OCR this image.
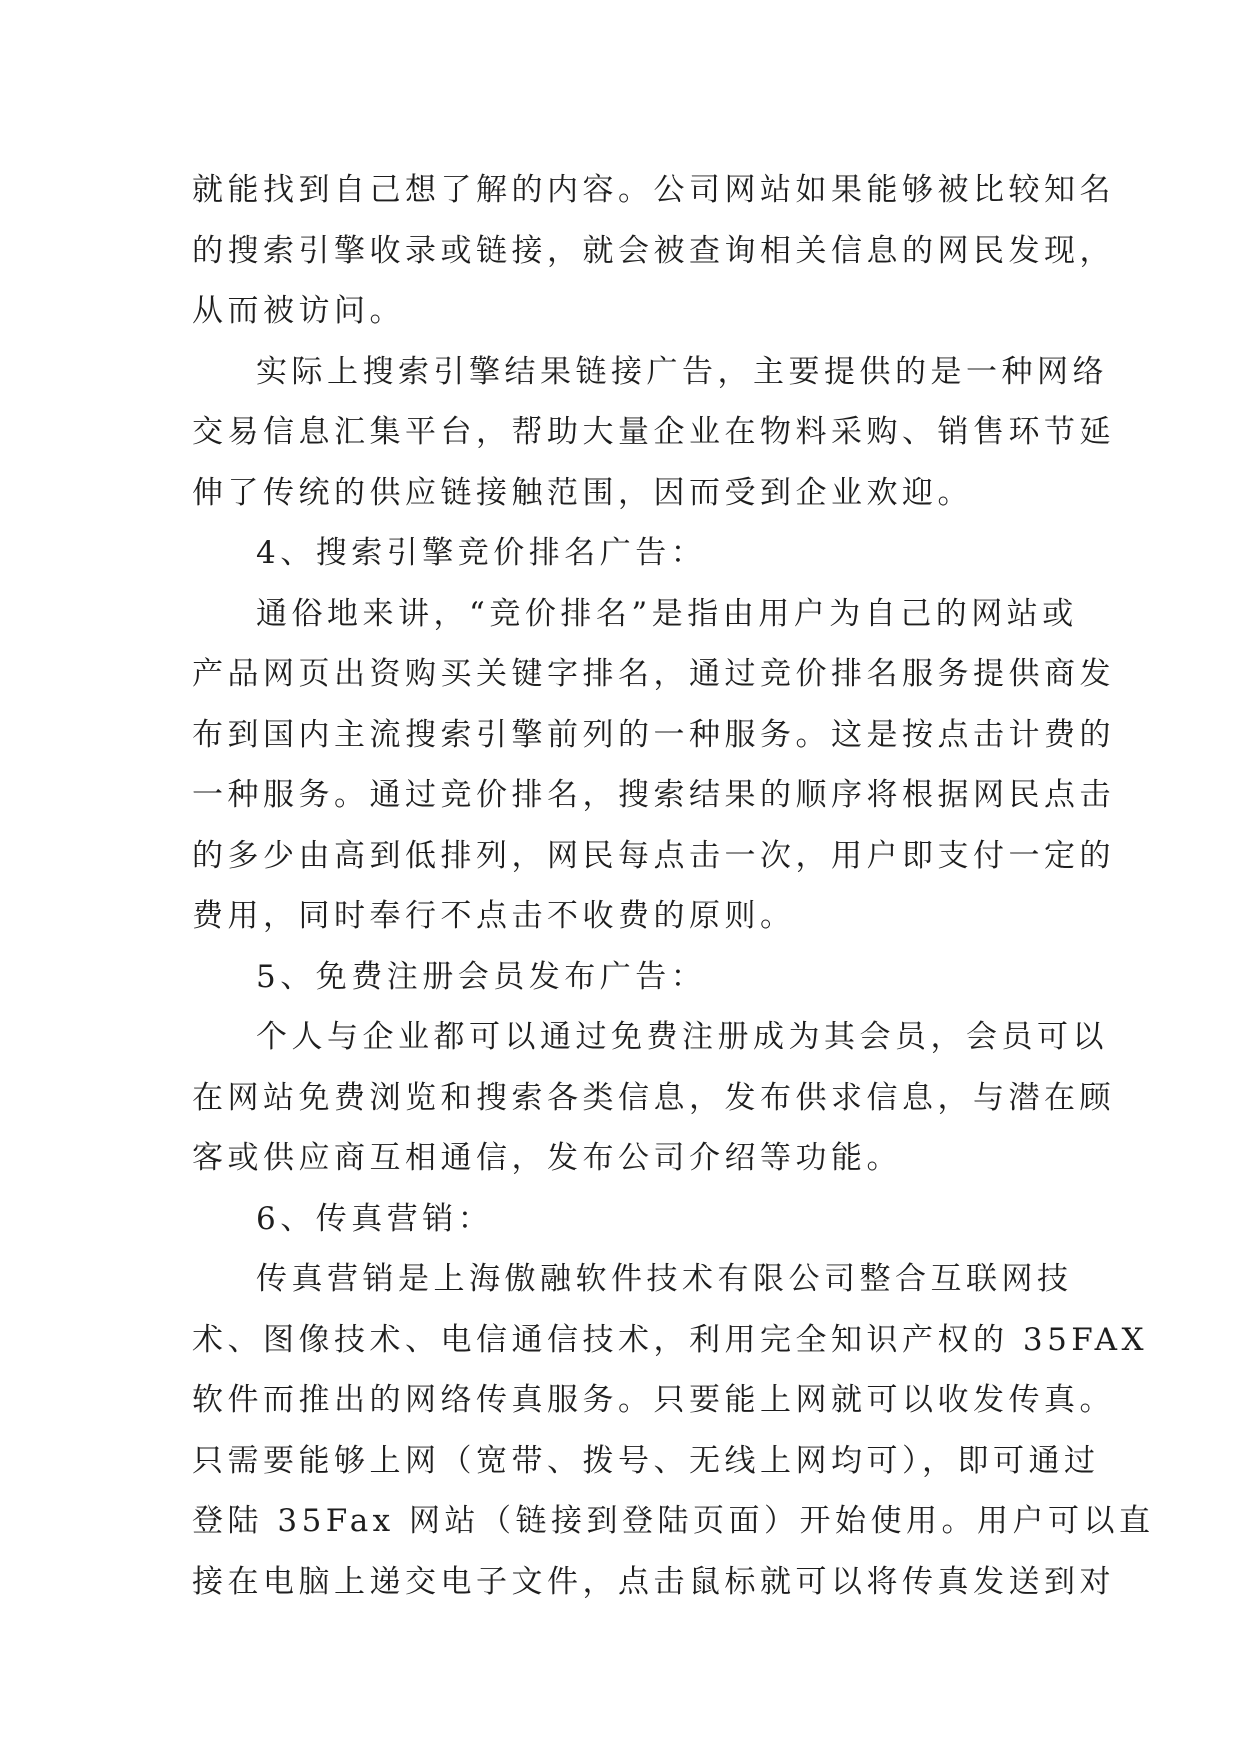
就能找到自己想了解的内容。公司网站如果能够被比较知名
的搜索引擎收录或链接，就会被查询相关信息的网民发现，
从而被访问。
实际上搜索引擎结果链接广告，主要提供的是一种网络
交易信息汇集平台，帮助大量企业在物料采购、销售环节延
伸了传统的供应链接触范围，因而受到企业欢迎。
4、搜索引擎竞价排名广告：
通俗地来讲，“竞价排名”是指由用户为自己的网站或
产品网页出资购买关键字排名，通过竞价排名服务提供商发
布到国内主流搜索引擎前列的一种服务。这是按点击计费的
一种服务。通过竞价排名，搜索结果的顺序将根据网民点击
的多少由高到低排列，网民每点击一次，用户即支付一定的
费用，同时奉行不点击不收费的原则。
5、免费注册会员发布广告：
个人与企业都可以通过免费注册成为其会员，会员可以
在网站免费浏览和搜索各类信息，发布供求信息，与潜在顾
客或供应商互相通信，发布公司介绍等功能。
6、传真营销：
传真营销是上海傲融软件技术有限公司整合互联网技
术、图像技术、电信通信技术，利用完全知识产权的 35FAX
软件而推出的网络传真服务。只要能上网就可以收发传真。
只需要能够上网（宽带、拨号、无线上网均可），即可通过
登陆 35Fax 网站（链接到登陆页面）开始使用。用户可以直
接在电脑上递交电子文件，点击鼠标就可以将传真发送到对
